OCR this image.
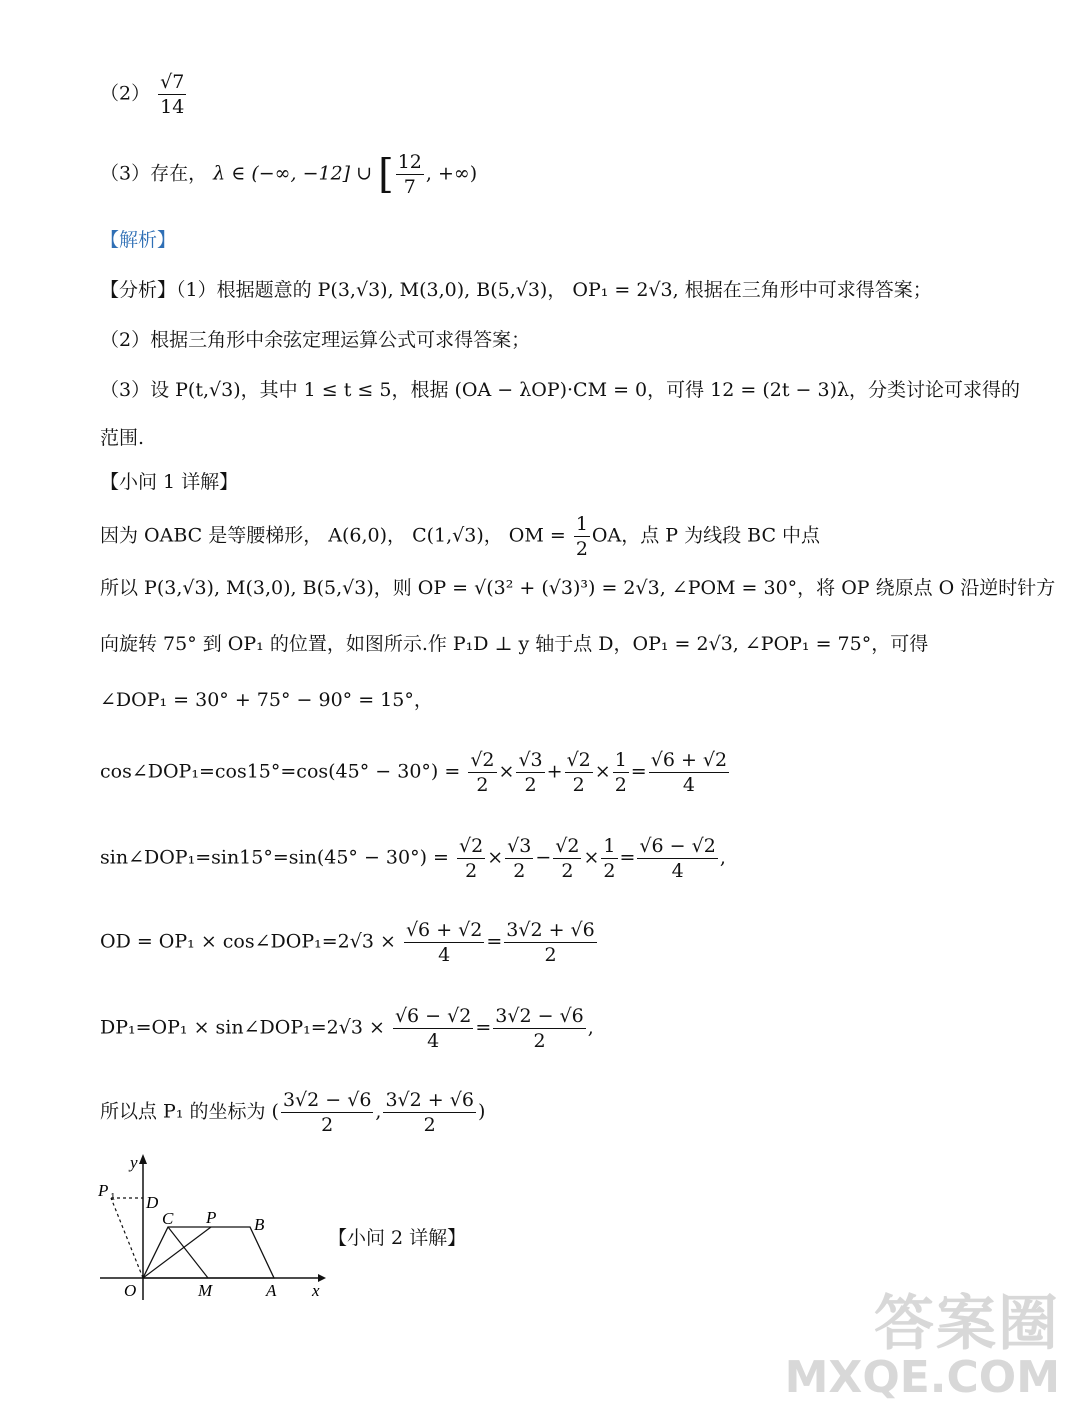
$(2) \frac{√7}{14}$
（3）存在， λ ∈ (−∞, −12] ∪ [ $\frac{12}{7}$ , +∞)
【解析】
【分析】（1）根据题意的 P(3,√3), M(3,0), B(5,√3)， OP₁ = 2√3, 根据在三角形中可求得答案；
（2）根据三角形中余弦定理运算公式可求得答案；
（3）设 P(t,√3)，其中 1 ≤ t ≤ 5，根据 (OA − λOP)·CM = 0，可得 12 = (2t − 3)λ，分类讨论可求得的
范围.
【小问 1 详解】
因为 OABC 是等腰梯形， A(6,0)， C(1,√3)， OM = $\frac{1}{2}$ OA，点 P 为线段 BC 中点
所以 P(3,√3), M(3,0), B(5,√3)，则 OP = √(3² + (√3)³) = 2√3, ∠POM = 30°，将 OP 绕原点 O 沿逆时针方
向旋转 75° 到 OP₁ 的位置，如图所示.作 P₁D ⊥ y 轴于点 D，OP₁ = 2√3, ∠POP₁ = 75°，可得
∠DOP₁ = 30° + 75° − 90° = 15°，
cos∠DOP₁=cos15°=cos(45° − $30^\circ) = \frac{√2}{2} \times \frac{√3}{2} + \frac{√2}{2} \times \frac{1}{2} = \frac{√6 + √2}{4}$
sin∠DOP₁=sin15°=sin(45° − $30^\circ) = \frac{√2}{2} \times \frac{√3}{2} - \frac{√2}{2} \times \frac{1}{2} = \frac{√6 - √2}{4}$ ,
OD = OP₁ × cos∠DOP₁=2√3 × $\frac{√6 + √2}{4} = \frac{3√2 + √6}{2}$
DP₁=OP₁ × sin∠DOP₁=2√3 × $\frac{√6 - √2}{4} = \frac{3√2 - √6}{2}$ ,
所以点 P₁ 的坐标为 ( $\frac{3√2 - √6}{2}$ , $\frac{3√2 + √6}{2}$ )
y
x
O	M	A
P 1 D
C P B
【小问 2 详解】
答案圈
MXQE.COM
